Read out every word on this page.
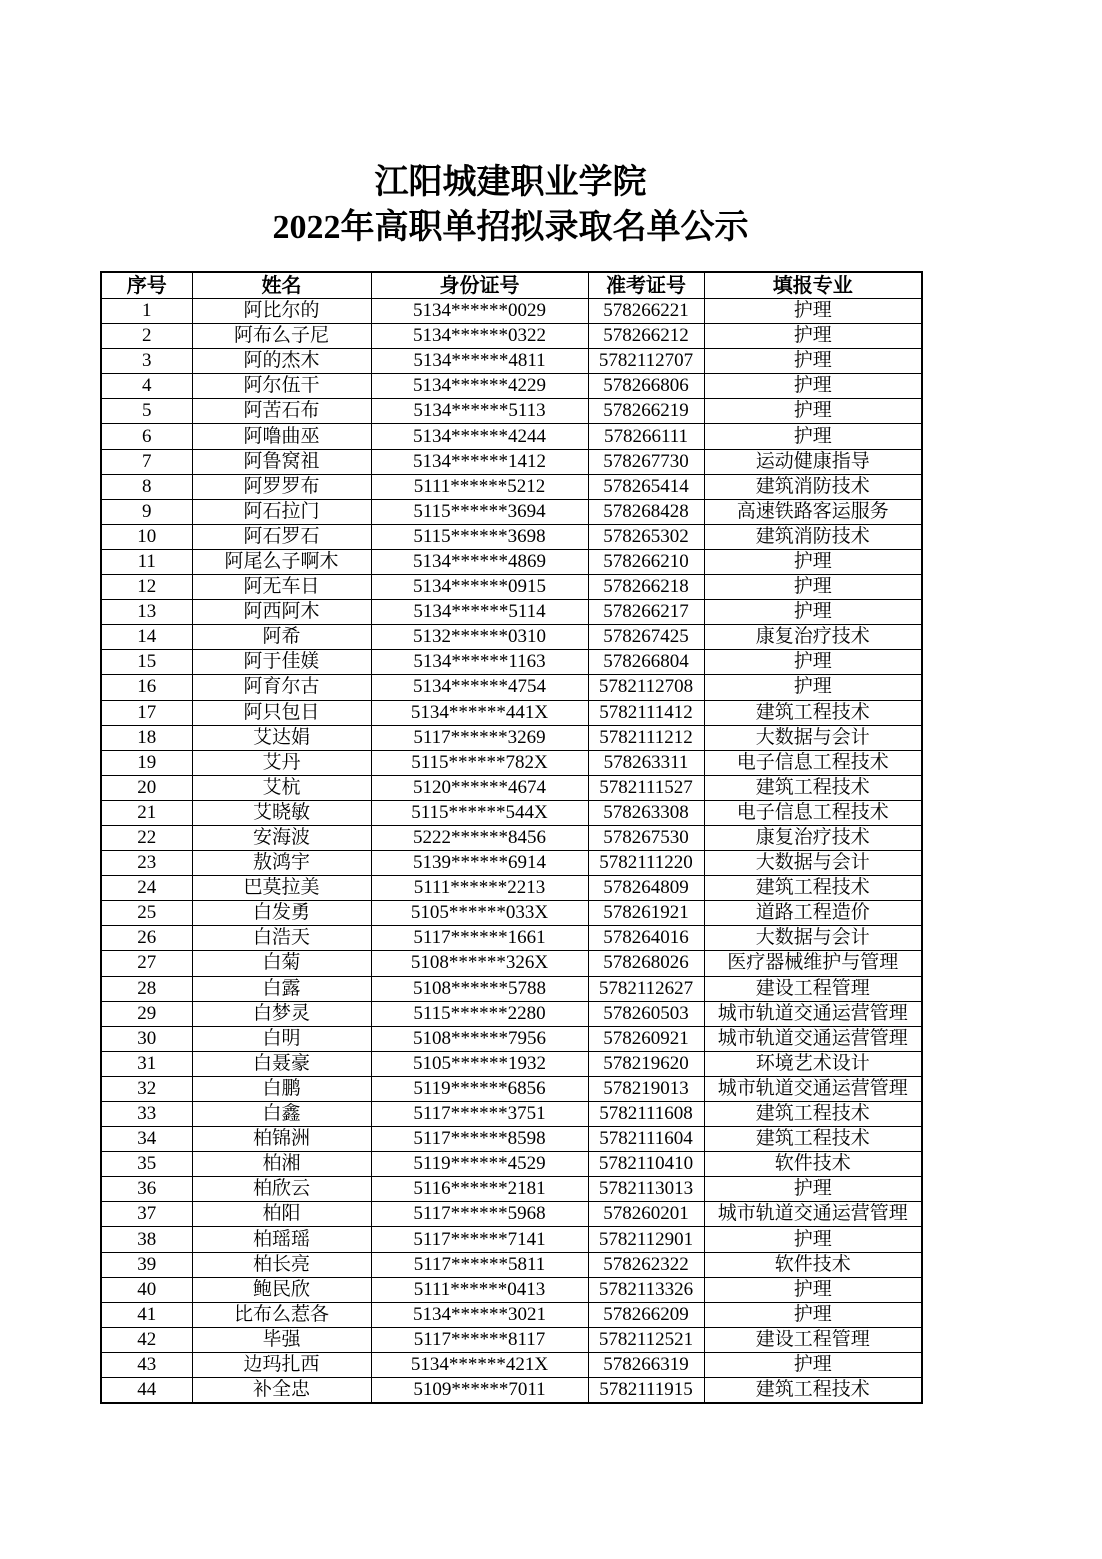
江阳城建职业学院
2022年高职单招拟录取名单公示
序号	姓名	身份证号	准考证号	填报专业
1	阿比尔的	5134******0029	578266221	护理
2	阿布么子尼	5134******0322	578266212	护理
3	阿的杰木	5134******4811	5782112707	护理
4	阿尔伍干	5134******4229	578266806	护理
5	阿苦石布	5134******5113	578266219	护理
6	阿噜曲巫	5134******4244	578266111	护理
7	阿鲁窝祖	5134******1412	578267730	运动健康指导
8	阿罗罗布	5111******5212	578265414	建筑消防技术
9	阿石拉门	5115******3694	578268428	高速铁路客运服务
10	阿石罗石	5115******3698	578265302	建筑消防技术
11	阿尾么子啊木	5134******4869	578266210	护理
12	阿无车日	5134******0915	578266218	护理
13	阿西阿木	5134******5114	578266217	护理
14	阿希	5132******0310	578267425	康复治疗技术
15	阿于佳媄	5134******1163	578266804	护理
16	阿育尔古	5134******4754	5782112708	护理
17	阿只包日	5134******441X	5782111412	建筑工程技术
18	艾达娟	5117******3269	5782111212	大数据与会计
19	艾丹	5115******782X	578263311	电子信息工程技术
20	艾杭	5120******4674	5782111527	建筑工程技术
21	艾晓敏	5115******544X	578263308	电子信息工程技术
22	安海波	5222******8456	578267530	康复治疗技术
23	敖鸿宇	5139******6914	5782111220	大数据与会计
24	巴莫拉美	5111******2213	578264809	建筑工程技术
25	白发勇	5105******033X	578261921	道路工程造价
26	白浩天	5117******1661	578264016	大数据与会计
27	白菊	5108******326X	578268026	医疗器械维护与管理
28	白露	5108******5788	5782112627	建设工程管理
29	白梦灵	5115******2280	578260503	城市轨道交通运营管理
30	白明	5108******7956	578260921	城市轨道交通运营管理
31	白聂豪	5105******1932	578219620	环境艺术设计
32	白鹏	5119******6856	578219013	城市轨道交通运营管理
33	白鑫	5117******3751	5782111608	建筑工程技术
34	柏锦洲	5117******8598	5782111604	建筑工程技术
35	柏湘	5119******4529	5782110410	软件技术
36	柏欣云	5116******2181	5782113013	护理
37	柏阳	5117******5968	578260201	城市轨道交通运营管理
38	柏瑶瑶	5117******7141	5782112901	护理
39	柏长亮	5117******5811	578262322	软件技术
40	鲍民欣	5111******0413	5782113326	护理
41	比布么惹各	5134******3021	578266209	护理
42	毕强	5117******8117	5782112521	建设工程管理
43	边玛扎西	5134******421X	578266319	护理
44	补全忠	5109******7011	5782111915	建筑工程技术
